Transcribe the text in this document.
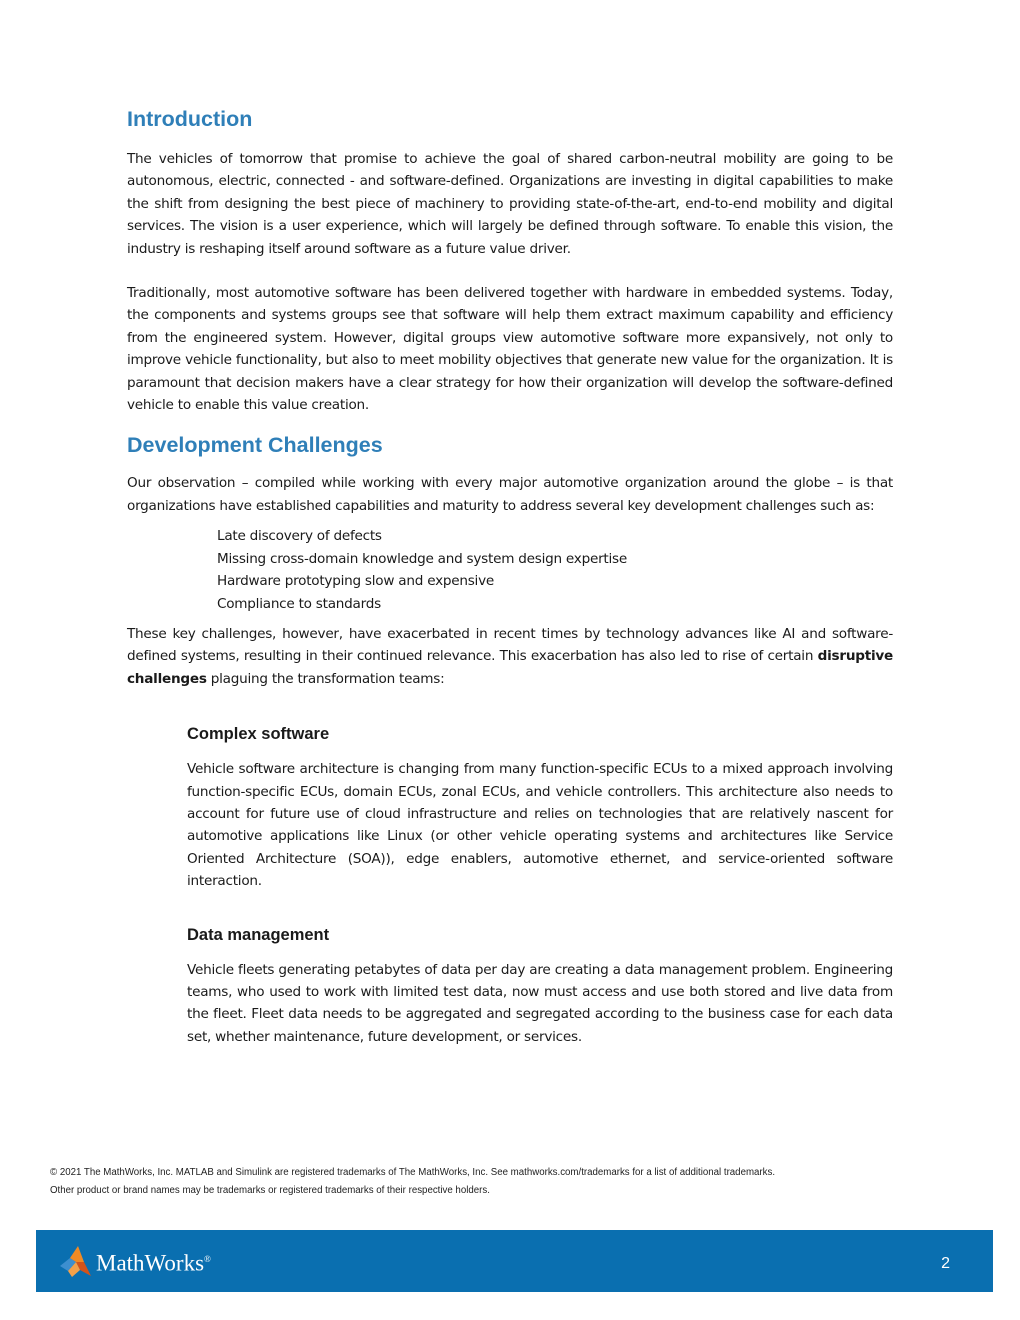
Introduction

The vehicles of tomorrow that promise to achieve the goal of shared carbon-neutral mobility are going to be autonomous, electric, connected - and software-defined. Organizations are investing in digital capabilities to make the shift from designing the best piece of machinery to providing state-of-the-art, end-to-end mobility and digital services. The vision is a user experience, which will largely be defined through software. To enable this vision, the industry is reshaping itself around software as a future value driver.

Traditionally, most automotive software has been delivered together with hardware in embedded systems. Today, the components and systems groups see that software will help them extract maximum capability and efficiency from the engineered system. However, digital groups view automotive software more expansively, not only to improve vehicle functionality, but also to meet mobility objectives that generate new value for the organization. It is paramount that decision makers have a clear strategy for how their organization will develop the software-defined vehicle to enable this value creation.

Development Challenges

Our observation – compiled while working with every major automotive organization around the globe – is that organizations have established capabilities and maturity to address several key development challenges such as:

Late discovery of defects
Missing cross-domain knowledge and system design expertise
Hardware prototyping slow and expensive
Compliance to standards

These key challenges, however, have exacerbated in recent times by technology advances like AI and software-defined systems, resulting in their continued relevance. This exacerbation has also led to rise of certain disruptive challenges plaguing the transformation teams:

Complex software

Vehicle software architecture is changing from many function-specific ECUs to a mixed approach involving function-specific ECUs, domain ECUs, zonal ECUs, and vehicle controllers. This architecture also needs to account for future use of cloud infrastructure and relies on technologies that are relatively nascent for automotive applications like Linux (or other vehicle operating systems and architectures like Service Oriented Architecture (SOA)), edge enablers, automotive ethernet, and service-oriented software interaction.

Data management

Vehicle fleets generating petabytes of data per day are creating a data management problem. Engineering teams, who used to work with limited test data, now must access and use both stored and live data from the fleet. Fleet data needs to be aggregated and segregated according to the business case for each data set, whether maintenance, future development, or services.

© 2021 The MathWorks, Inc. MATLAB and Simulink are registered trademarks of The MathWorks, Inc. See mathworks.com/trademarks for a list of additional trademarks.
Other product or brand names may be trademarks or registered trademarks of their respective holders.
MathWorks®	2
